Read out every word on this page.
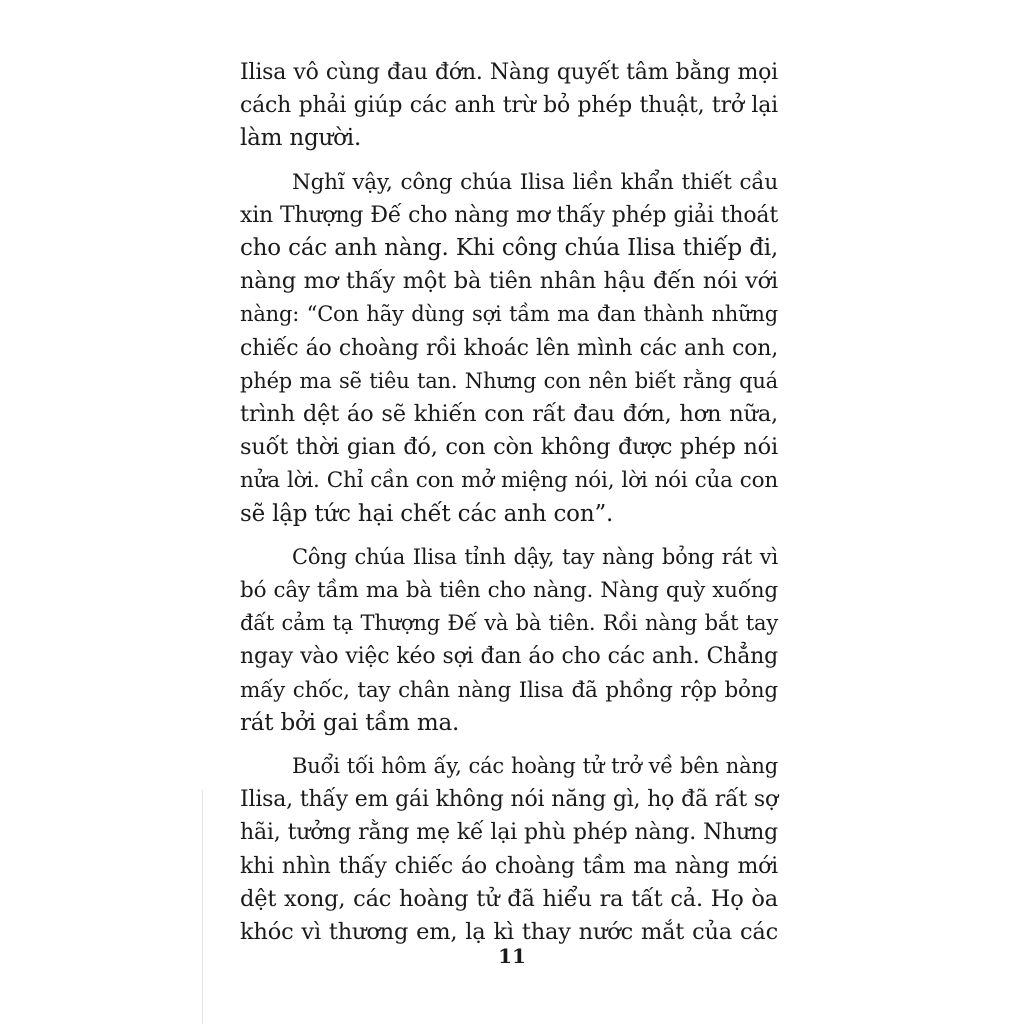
Ilisa vô cùng đau đớn. Nàng quyết tâm bằng mọi
cách phải giúp các anh trừ bỏ phép thuật, trở lại
làm người.

Nghĩ vậy, công chúa Ilisa liền khẩn thiết cầu
xin Thượng Đế cho nàng mơ thấy phép giải thoát
cho các anh nàng. Khi công chúa Ilisa thiếp đi,
nàng mơ thấy một bà tiên nhân hậu đến nói với
nàng: “Con hãy dùng sợi tầm ma đan thành những
chiếc áo choàng rồi khoác lên mình các anh con,
phép ma sẽ tiêu tan. Nhưng con nên biết rằng quá
trình dệt áo sẽ khiến con rất đau đớn, hơn nữa,
suốt thời gian đó, con còn không được phép nói
nửa lời. Chỉ cần con mở miệng nói, lời nói của con
sẽ lập tức hại chết các anh con”.

Công chúa Ilisa tỉnh dậy, tay nàng bỏng rát vì
bó cây tầm ma bà tiên cho nàng. Nàng quỳ xuống
đất cảm tạ Thượng Đế và bà tiên. Rồi nàng bắt tay
ngay vào việc kéo sợi đan áo cho các anh. Chẳng
mấy chốc, tay chân nàng Ilisa đã phồng rộp bỏng
rát bởi gai tầm ma.

Buổi tối hôm ấy, các hoàng tử trở về bên nàng
Ilisa, thấy em gái không nói năng gì, họ đã rất sợ
hãi, tưởng rằng mẹ kế lại phù phép nàng. Nhưng
khi nhìn thấy chiếc áo choàng tầm ma nàng mới
dệt xong, các hoàng tử đã hiểu ra tất cả. Họ òa
khóc vì thương em, lạ kì thay nước mắt của các

11
